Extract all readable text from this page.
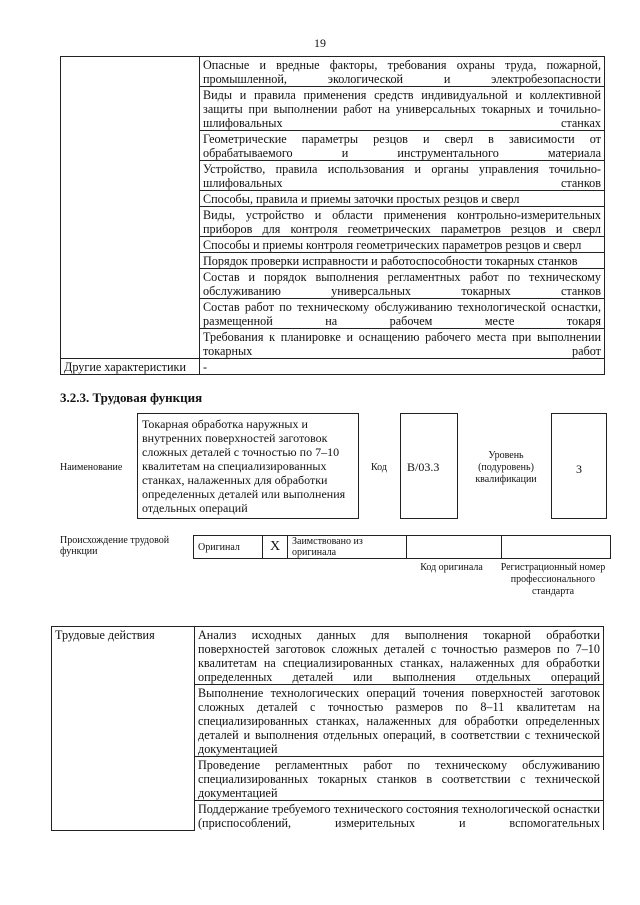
19
	Опасные и вредные факторы, требования охраны труда, пожарной, промышленной, экологической и электробезопасности
	Виды и правила применения средств индивидуальной и коллективной защиты при выполнении работ на универсальных токарных и точильно-шлифовальных станках
	Геометрические параметры резцов и сверл в зависимости от обрабатываемого и инструментального материала
	Устройство, правила использования и органы управления точильно-шлифовальных станков
	Способы, правила и приемы заточки простых резцов и сверл
	Виды, устройство и области применения контрольно-измерительных приборов для контроля геометрических параметров резцов и сверл
	Способы и приемы контроля геометрических параметров резцов и сверл
	Порядок проверки исправности и работоспособности токарных станков
	Состав и порядок выполнения регламентных работ по техническому обслуживанию универсальных токарных станков
	Состав работ по техническому обслуживанию технологической оснастки, размещенной на рабочем месте токаря
	Требования к планировке и оснащению рабочего места при выполнении токарных работ
Другие характеристики	-
3.2.3. Трудовая функция
Наименование
Токарная обработка наружных и внутренних поверхностей заготовок сложных деталей с точностью по 7–10 квалитетам на специализированных станках, налаженных для обработки определенных деталей или выполнения отдельных операций
Код	B/03.3
Уровень (подуровень) квалификации
3
Происхождение трудовой функции	Оригинал	X	Заимствовано из оригинала		
Код оригинала	Регистрационный номер профессионального стандарта
Трудовые действия	Анализ исходных данных для выполнения токарной обработки поверхностей заготовок сложных деталей с точностью размеров по 7–10 квалитетам на специализированных станках, налаженных для обработки определенных деталей или выполнения отдельных операций
Выполнение технологических операций точения поверхностей заготовок сложных деталей с точностью размеров по 8–11 квалитетам на специализированных станках, налаженных для обработки определенных деталей и выполнения отдельных операций, в соответствии с технической документацией
Проведение регламентных работ по техническому обслуживанию специализированных токарных станков в соответствии с технической документацией
Поддержание требуемого технического состояния технологической оснастки (приспособлений, измерительных и вспомогательных
